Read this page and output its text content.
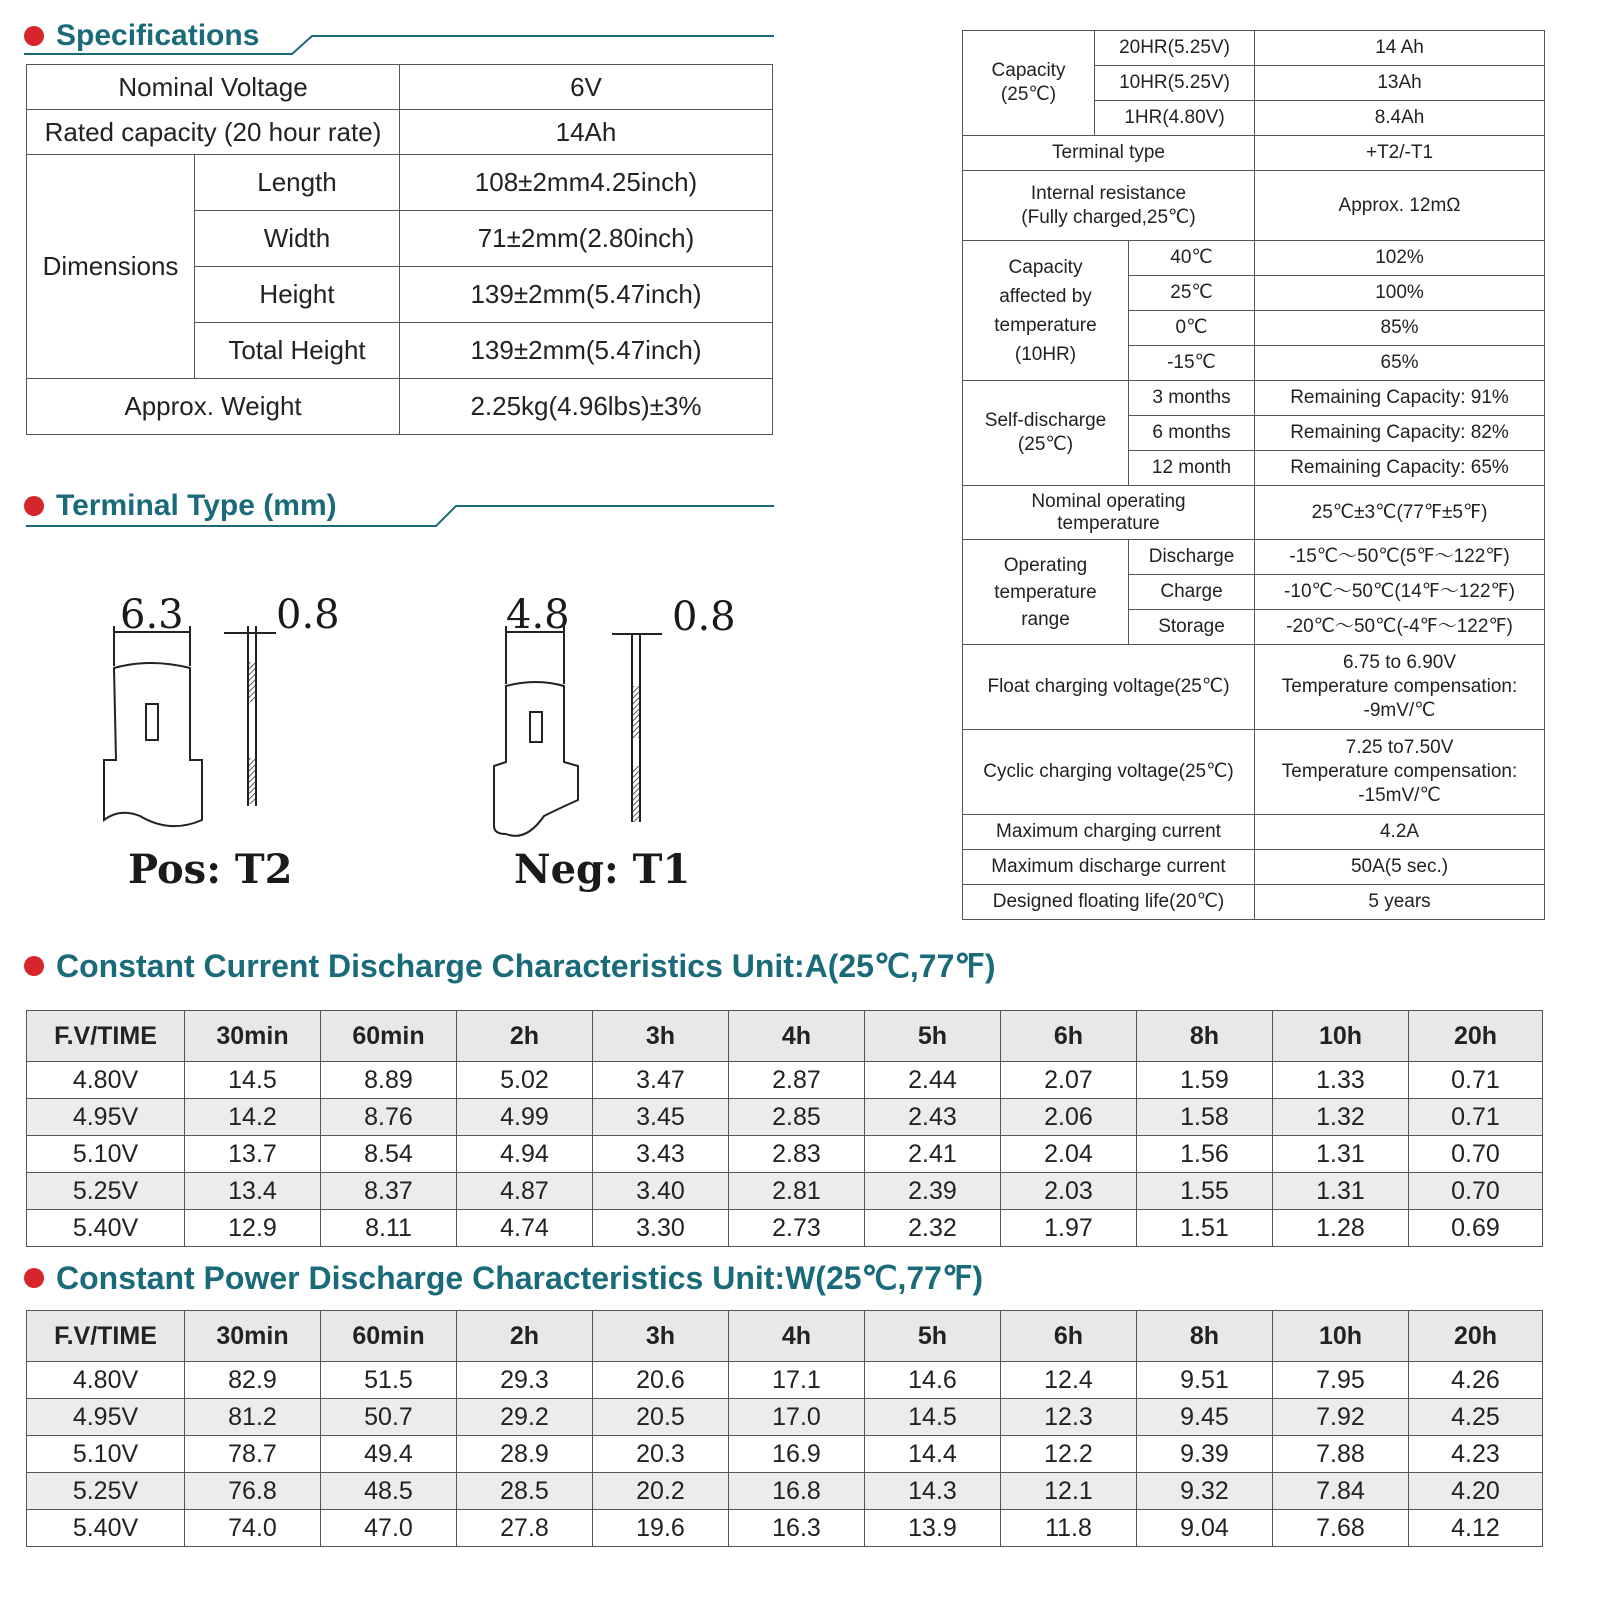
Specifications
Nominal Voltage		6V
Rated capacity (20 hour rate)		14Ah
Dimensions	Length	108±2mm4.25inch)
	Width	71±2mm(2.80inch)
	Height	139±2mm(5.47inch)
	Total Height	139±2mm(5.47inch)
Approx. Weight		2.25kg(4.96lbs)±3%
Terminal Type (mm)
6.3 0.8
Pos: T2
4.8	0.8
Neg: T1
Capacity
(25℃)	20HR(5.25V)		14 Ah
	10HR(5.25V)		13Ah
	1HR(4.80V)		8.4Ah
Terminal type			+T2/-T1

Internal resistance
(Fully charged,25℃)			Approx. 12mΩ

Capacity
affected by
temperature
(10HR)		40℃	102%
		25℃	100%
		0℃	85%
		-15℃	65%

Self-discharge
(25℃)		3 months	Remaining Capacity: 91%
		6 months	Remaining Capacity: 82%
		12 month	Remaining Capacity: 65%

Nominal operating
temperature			25℃±3℃(77℉±5℉)

Operating
temperature
range		Discharge	-15℃～50℃(5℉～122℉)
		Charge	-10℃～50℃(14℉～122℉)
		Storage	-20℃～50℃(-4℉～122℉)
Float charging voltage(25℃)			6.75 to 6.90V
Temperature compensation:
-9mV/℃

Cyclic charging voltage(25℃)			7.25 to7.50V
Temperature compensation:
-15mV/℃

Maximum charging current			4.2A
Maximum discharge current			50A(5 sec.)
Designed floating life(20℃)			5 years
Constant Current Discharge Characteristics Unit:A(25℃,77℉)
F.V/TIME	30min	60min	2h	3h	4h	5h	6h	8h	10h	20h
4.80V	14.5	8.89	5.02	3.47	2.87	2.44	2.07	1.59	1.33	0.71
4.95V	14.2	8.76	4.99	3.45	2.85	2.43	2.06	1.58	1.32	0.71
5.10V	13.7	8.54	4.94	3.43	2.83	2.41	2.04	1.56	1.31	0.70
5.25V	13.4	8.37	4.87	3.40	2.81	2.39	2.03	1.55	1.31	0.70
5.40V	12.9	8.11	4.74	3.30	2.73	2.32	1.97	1.51	1.28	0.69
Constant Power Discharge Characteristics Unit:W(25℃,77℉)
F.V/TIME	30min	60min	2h	3h	4h	5h	6h	8h	10h	20h
4.80V	82.9	51.5	29.3	20.6	17.1	14.6	12.4	9.51	7.95	4.26
4.95V	81.2	50.7	29.2	20.5	17.0	14.5	12.3	9.45	7.92	4.25
5.10V	78.7	49.4	28.9	20.3	16.9	14.4	12.2	9.39	7.88	4.23
5.25V	76.8	48.5	28.5	20.2	16.8	14.3	12.1	9.32	7.84	4.20
5.40V	74.0	47.0	27.8	19.6	16.3	13.9	11.8	9.04	7.68	4.12
